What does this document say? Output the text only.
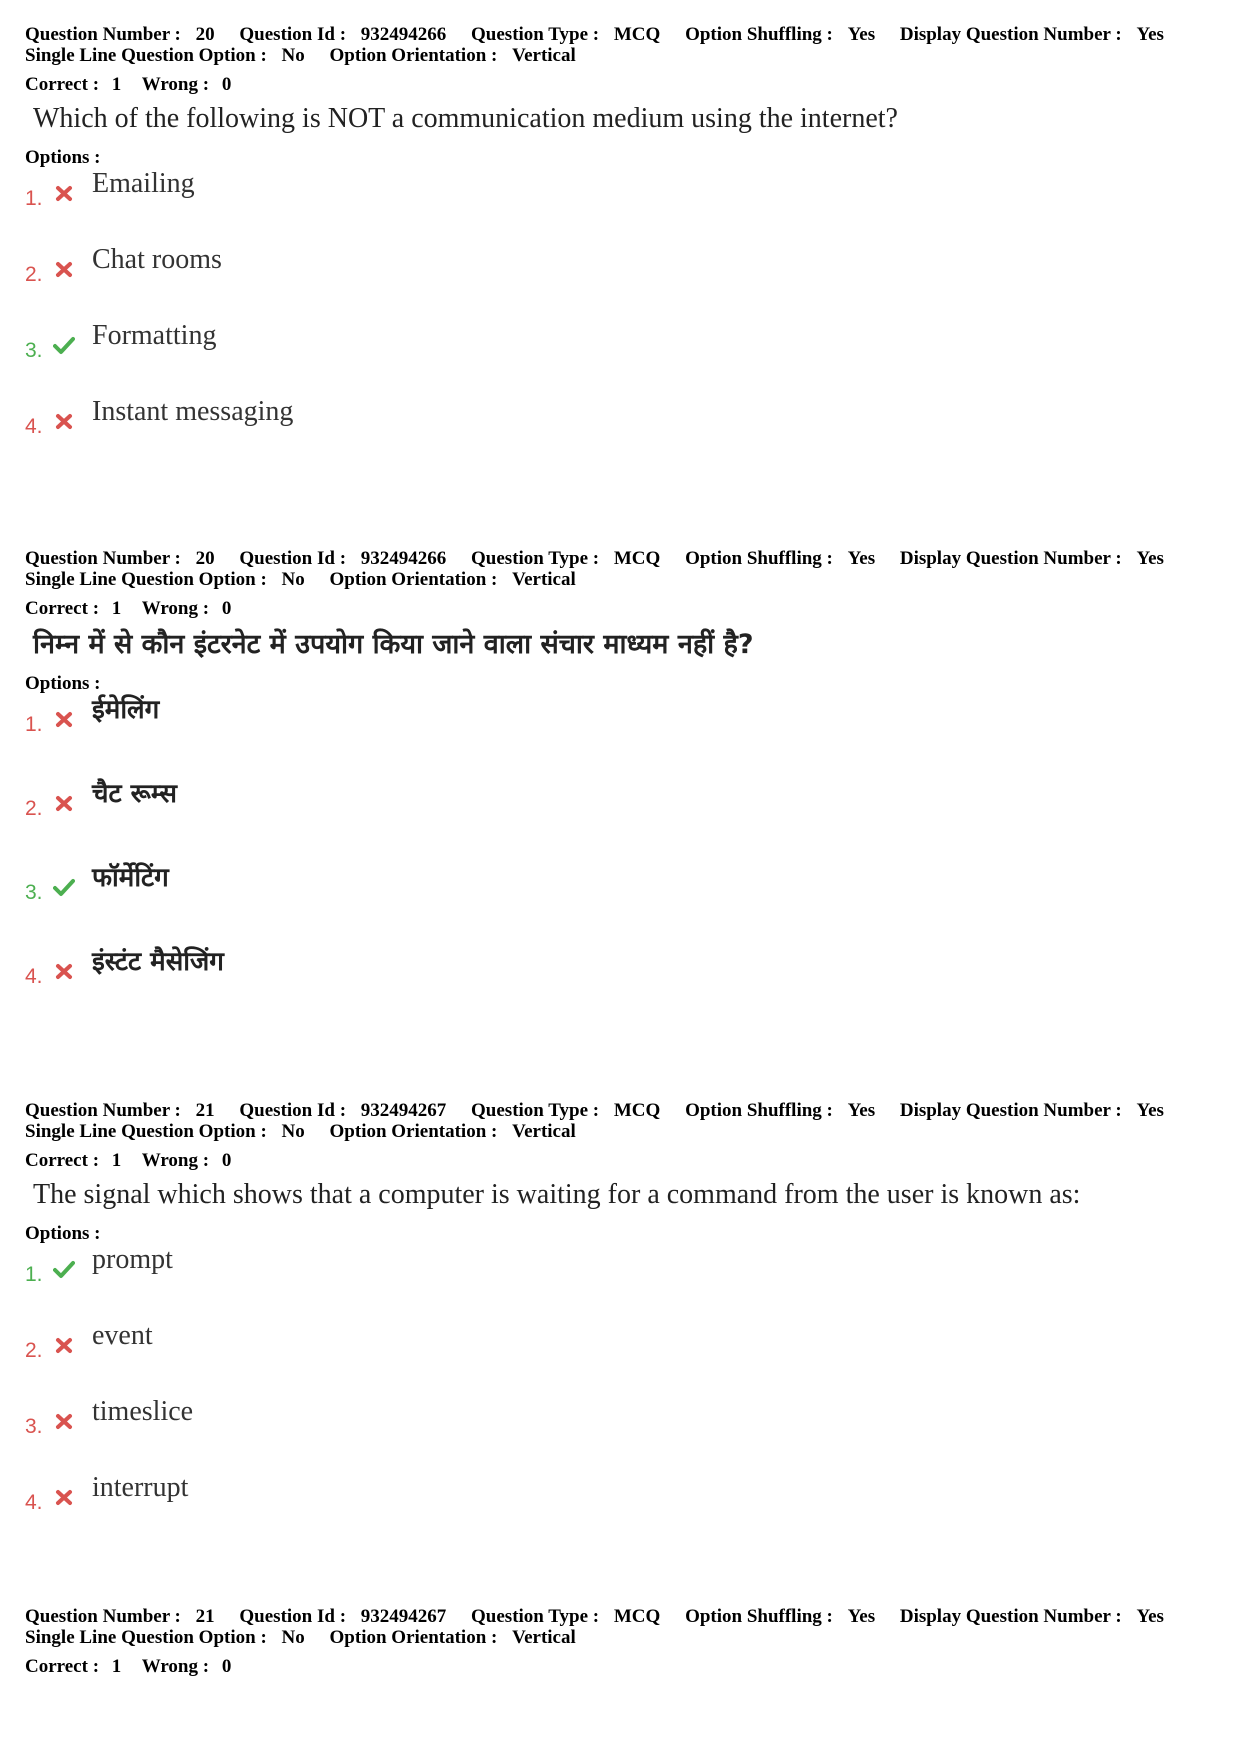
Question Number : 20 Question Id : 932494266 Question Type : MCQ Option Shuffling : Yes Display Question Number : Yes
Single Line Question Option : No Option Orientation : Vertical
Correct : 1 Wrong : 0
Which of the following is NOT a communication medium using the internet?
Options :
1. Emailing
2. Chat rooms
3. Formatting
4. Instant messaging
Question Number : 20 Question Id : 932494266 Question Type : MCQ Option Shuffling : Yes Display Question Number : Yes
Single Line Question Option : No Option Orientation : Vertical
Correct : 1 Wrong : 0
निम्न में से कौन इंटरनेट में उपयोग किया जाने वाला संचार माध्यम नहीं है?
Options :
1. ईमेलिंग
2. चैट रूम्स
3. फॉर्मेटिंग
4. इंस्टंट मैसेजिंग
Question Number : 21 Question Id : 932494267 Question Type : MCQ Option Shuffling : Yes Display Question Number : Yes
Single Line Question Option : No Option Orientation : Vertical
Correct : 1 Wrong : 0
The signal which shows that a computer is waiting for a command from the user is known as:
Options :
1. prompt
2. event
3. timeslice
4. interrupt
Question Number : 21 Question Id : 932494267 Question Type : MCQ Option Shuffling : Yes Display Question Number : Yes
Single Line Question Option : No Option Orientation : Vertical
Correct : 1 Wrong : 0
